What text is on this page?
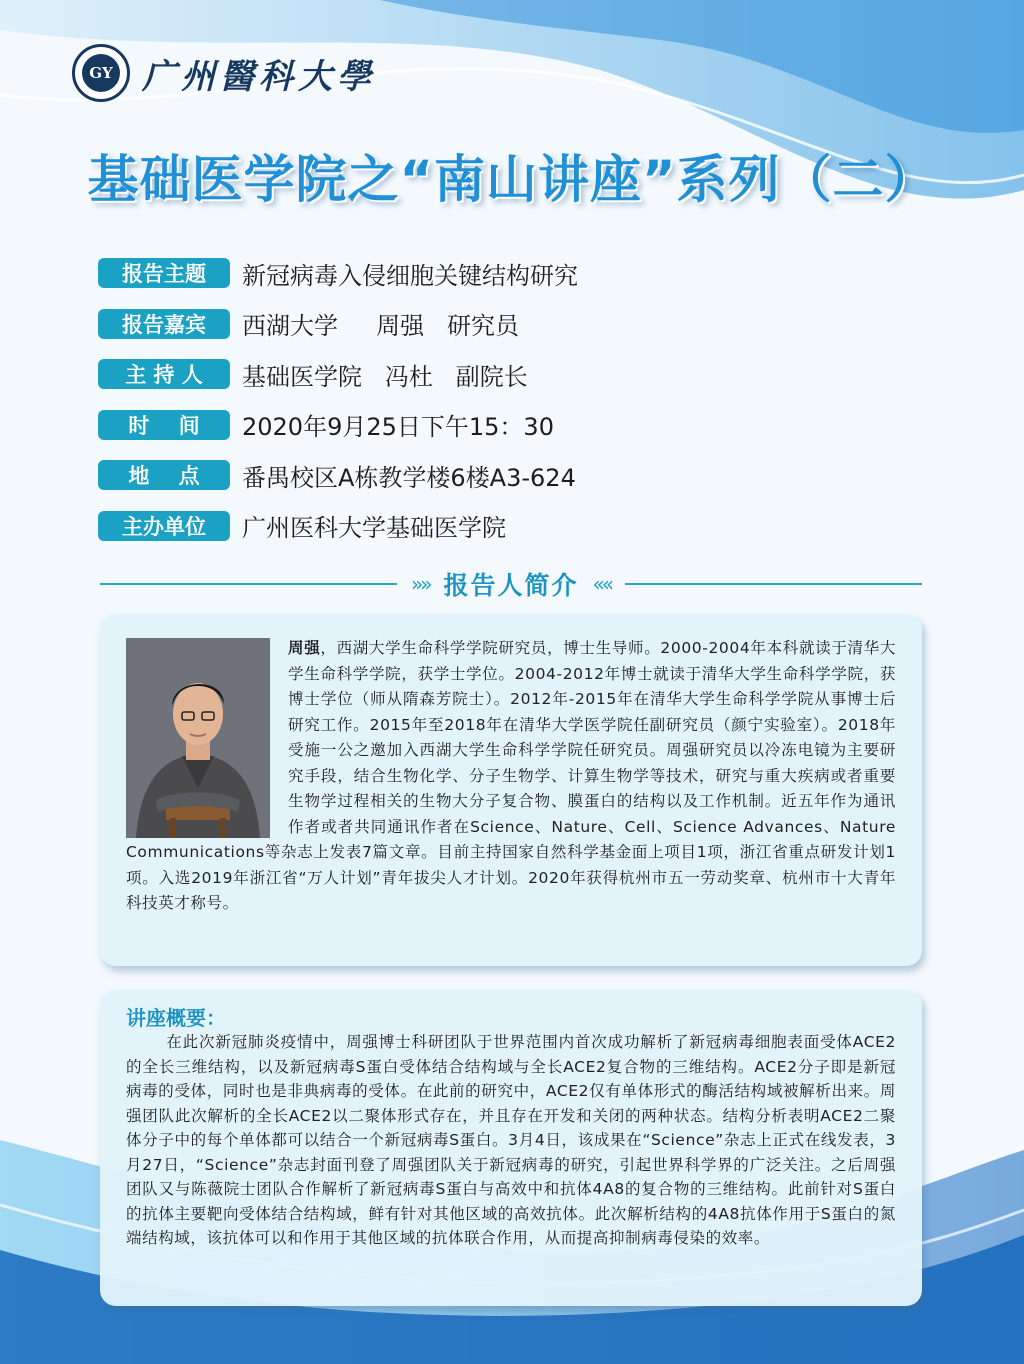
GY 广州醫科大學
基础医学院之“南山讲座”系列（二）
报告主题 新冠病毒入侵细胞关键结构研究
报告嘉宾 西湖大学     周强   研究员
主 持 人 基础医学院   冯杜   副院长
时    间 2020年9月25日下午15：30
地    点 番禺校区A栋教学楼6楼A3-624
主办单位 广州医科大学基础医学院
»» 报告人简介 ««
周强，西湖大学生命科学学院研究员，博士生导师。2000-2004年本科就读于清华大学生命科学学院，获学士学位。2004-2012年博士就读于清华大学生命科学学院，获博士学位（师从隋森芳院士）。2012年-2015年在清华大学生命科学学院从事博士后研究工作。2015年至2018年在清华大学医学院任副研究员（颜宁实验室）。2018年受施一公之邀加入西湖大学生命科学学院任研究员。周强研究员以冷冻电镜为主要研究手段，结合生物化学、分子生物学、计算生物学等技术，研究与重大疾病或者重要生物学过程相关的生物大分子复合物、膜蛋白的结构以及工作机制。近五年作为通讯作者或者共同通讯作者在Science、Nature、Cell、Science Advances、Nature Communications等杂志上发表7篇文章。目前主持国家自然科学基金面上项目1项，浙江省重点研发计划1项。入选2019年浙江省“万人计划”青年拔尖人才计划。2020年获得杭州市五一劳动奖章、杭州市十大青年科技英才称号。
讲座概要：
在此次新冠肺炎疫情中，周强博士科研团队于世界范围内首次成功解析了新冠病毒细胞表面受体ACE2的全长三维结构，以及新冠病毒S蛋白受体结合结构域与全长ACE2复合物的三维结构。ACE2分子即是新冠病毒的受体，同时也是非典病毒的受体。在此前的研究中，ACE2仅有单体形式的酶活结构域被解析出来。周强团队此次解析的全长ACE2以二聚体形式存在，并且存在开发和关闭的两种状态。结构分析表明ACE2二聚体分子中的每个单体都可以结合一个新冠病毒S蛋白。3月4日，该成果在“Science”杂志上正式在线发表，3月27日，“Science”杂志封面刊登了周强团队关于新冠病毒的研究，引起世界科学界的广泛关注。之后周强团队又与陈薇院士团队合作解析了新冠病毒S蛋白与高效中和抗体4A8的复合物的三维结构。此前针对S蛋白的抗体主要靶向受体结合结构域，鲜有针对其他区域的高效抗体。此次解析结构的4A8抗体作用于S蛋白的氮端结构域，该抗体可以和作用于其他区域的抗体联合作用，从而提高抑制病毒侵染的效率。
